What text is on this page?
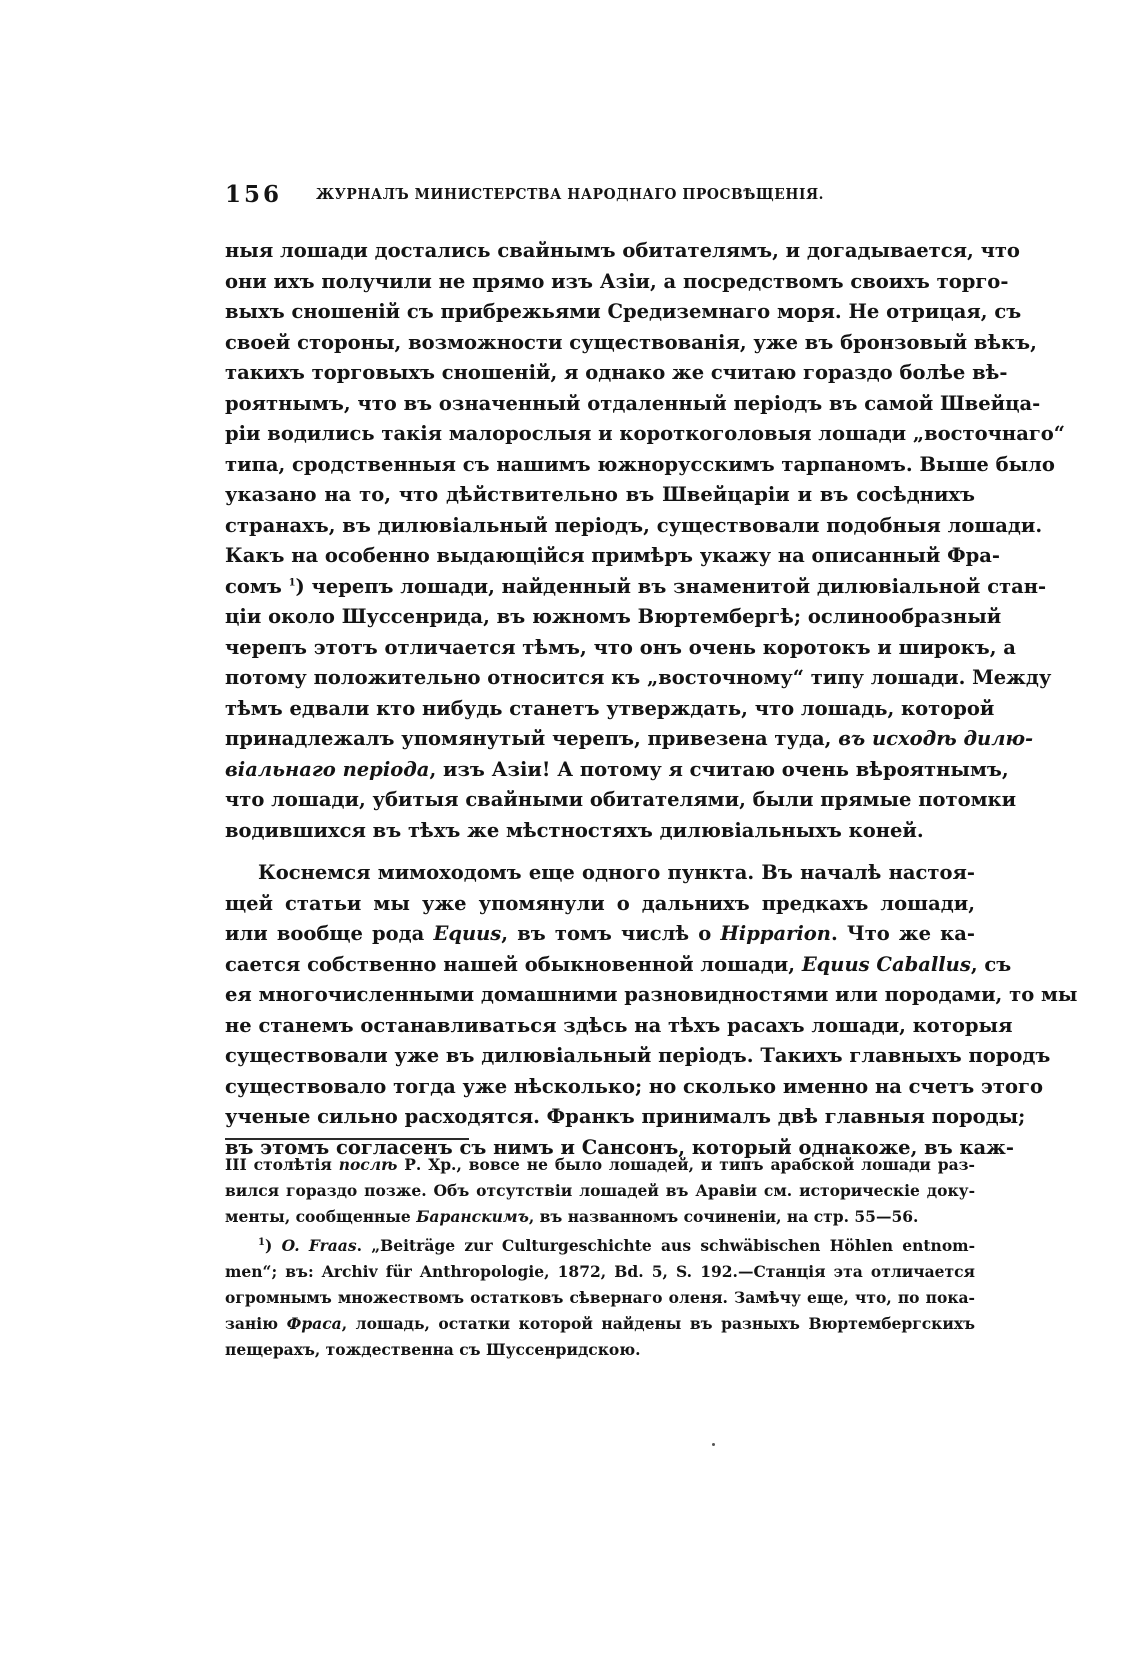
156 ЖУРНАЛЪ МИНИСТЕРСТВА НАРОДНАГО ПРОСВѢЩЕНІЯ.
ныя лошади достались свайнымъ обитателямъ, и догадывается, что
они ихъ получили не прямо изъ Азіи, а посредствомъ своихъ торго-
выхъ сношеній съ прибрежьями Средиземнаго моря. Не отрицая, съ
своей стороны, возможности существованія, уже въ бронзовый вѣкъ,
такихъ торговыхъ сношеній, я однако же считаю гораздо болѣе вѣ-
роятнымъ, что въ означенный отдаленный періодъ въ самой Швейца-
ріи водились такія малорослыя и короткоголовыя лошади „восточнаго“
типа, сродственныя съ нашимъ южнорусскимъ тарпаномъ. Выше было
указано на то, что дѣйствительно въ Швейцаріи и въ сосѣднихъ
странахъ, въ дилювіальный періодъ, существовали подобныя лошади.
Какъ на особенно выдающійся примѣръ укажу на описанный Фра-
сомъ $^1$) черепъ лошади, найденный въ знаменитой дилювіальной стан-
ціи около Шуссенрида, въ южномъ Вюртембергѣ; ослинообразный
черепъ этотъ отличается тѣмъ, что онъ очень коротокъ и широкъ, а
потому положительно относится къ „восточному“ типу лошади. Между
тѣмъ едвали кто нибудь станетъ утверждать, что лошадь, которой
принадлежалъ упомянутый черепъ, привезена туда, въ исходѣ дилю-
віальнаго періода, изъ Азіи! А потому я считаю очень вѣроятнымъ,
что лошади, убитыя свайными обитателями, были прямые потомки
водившихся въ тѣхъ же мѣстностяхъ дилювіальныхъ коней.
Коснемся мимоходомъ еще одного пункта. Въ началѣ настоя-
щей статьи мы уже упомянули о дальнихъ предкахъ лошади,
или вообще рода Equus, въ томъ числѣ о Hipparion. Что же ка-
сается собственно нашей обыкновенной лошади, Equus Caballus, съ
ея многочисленными домашними разновидностями или породами, то мы
не станемъ останавливаться здѣсь на тѣхъ расахъ лошади, которыя
существовали уже въ дилювіальный періодъ. Такихъ главныхъ породъ
существовало тогда уже нѣсколько; но сколько именно на счетъ этого
ученые сильно расходятся. Франкъ принималъ двѣ главныя породы;
въ этомъ согласенъ съ нимъ и Сансонъ, который однакоже, въ каж-
III столѣтія послѣ Р. Хр., вовсе не было лошадей, и типъ арабской лошади раз-
вился гораздо позже. Объ отсутствіи лошадей въ Аравіи см. историческіе доку-
менты, сообщенные Баранскимъ, въ названномъ сочиненіи, на стр. 55—56.
$^1$) O. Fraas. „Beiträge zur Culturgeschichte aus schwäbischen Höhlen entnom-
men“; въ: Archiv für Anthropologie, 1872, Bd. 5, S. 192.—Станція эта отличается
огромнымъ множествомъ остатковъ сѣвернаго оленя. Замѣчу еще, что, по пока-
занію Фраса, лошадь, остатки которой найдены въ разныхъ Вюртембергскихъ
пещерахъ, тождественна съ Шуссенридскою.
